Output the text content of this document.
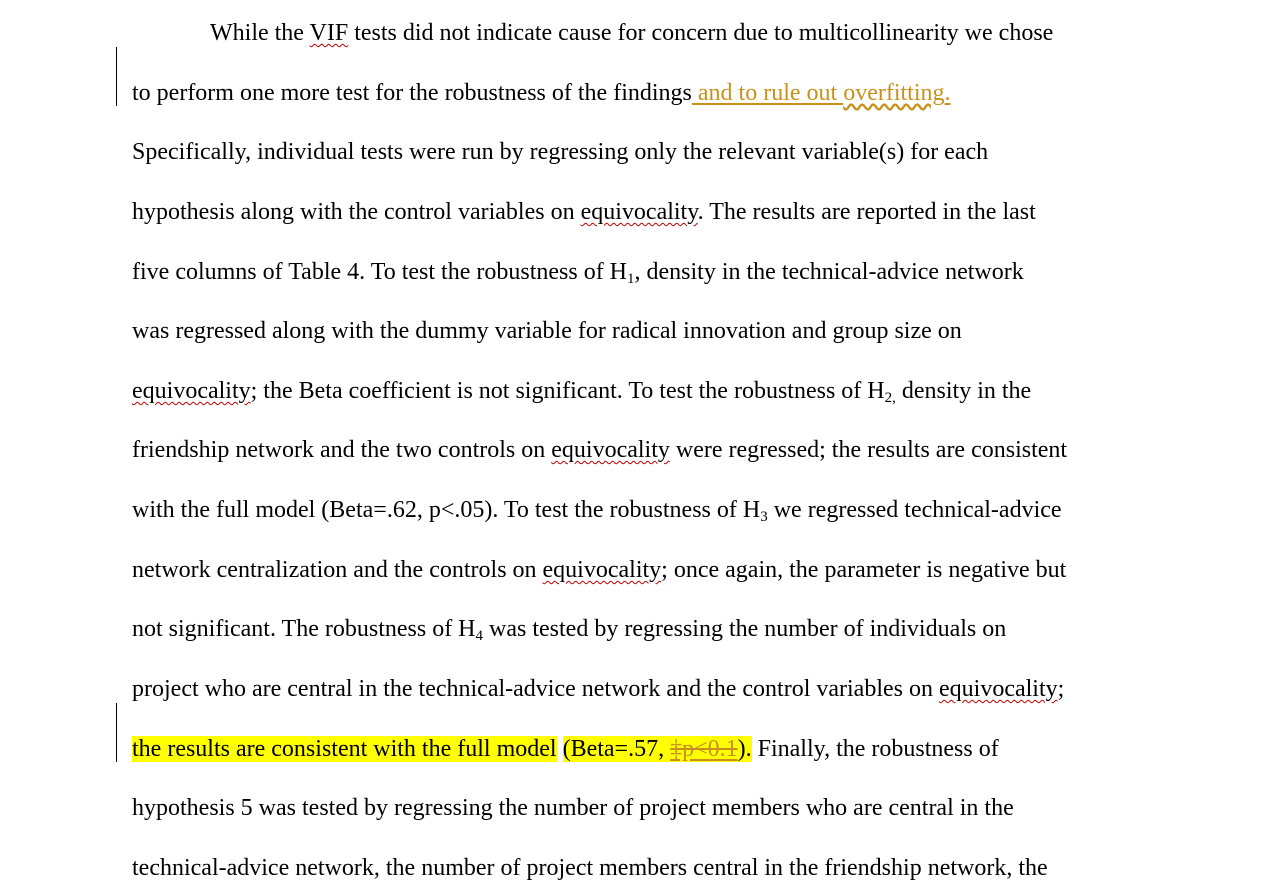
While the VIF tests did not indicate cause for concern due to multicollinearity we chose
to perform one more test for the robustness of the findings and to rule out overfitting.
Specifically, individual tests were run by regressing only the relevant variable(s) for each
hypothesis along with the control variables on equivocality. The results are reported in the last
five columns of Table 4. To test the robustness of $H_1$, density in the technical-advice network
was regressed along with the dummy variable for radical innovation and group size on
equivocality; the Beta coefficient is not significant. To test the robustness of $H_{2,}$ density in the
friendship network and the two controls on equivocality were regressed; the results are consistent
with the full model (Beta=.62, p<.05). To test the robustness of $H_3$ we regressed technical-advice
network centralization and the controls on equivocality; once again, the parameter is negative but
not significant. The robustness of $H_4$ was tested by regressing the number of individuals on
project who are central in the technical-advice network and the control variables on equivocality;
the results are consistent with the full model (Beta=.57, ‡p<0.1). Finally, the robustness of
hypothesis 5 was tested by regressing the number of project members who are central in the
technical-advice network, the number of project members central in the friendship network, the
